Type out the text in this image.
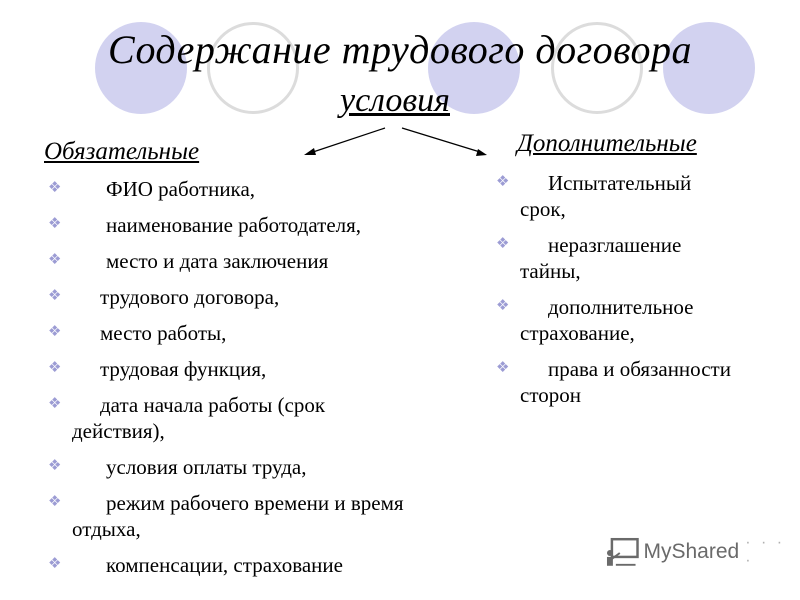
Содержание трудового договора
условия
Обязательные
❖ ФИО работника,
❖ наименование работодателя,
❖ место и дата заключения
❖ трудового договора,
❖ место работы,
❖ трудовая функция,
❖ дата начала работы (срок действия),
❖ условия оплаты труда,
❖ режим рабочего времени и время отдыха,
❖ компенсации, страхование
Дополнительные
❖ Испытательный срок,
❖ неразглашение тайны,
❖ дополнительное страхование,
❖ права и обязанности сторон
MyShared · · · ·
